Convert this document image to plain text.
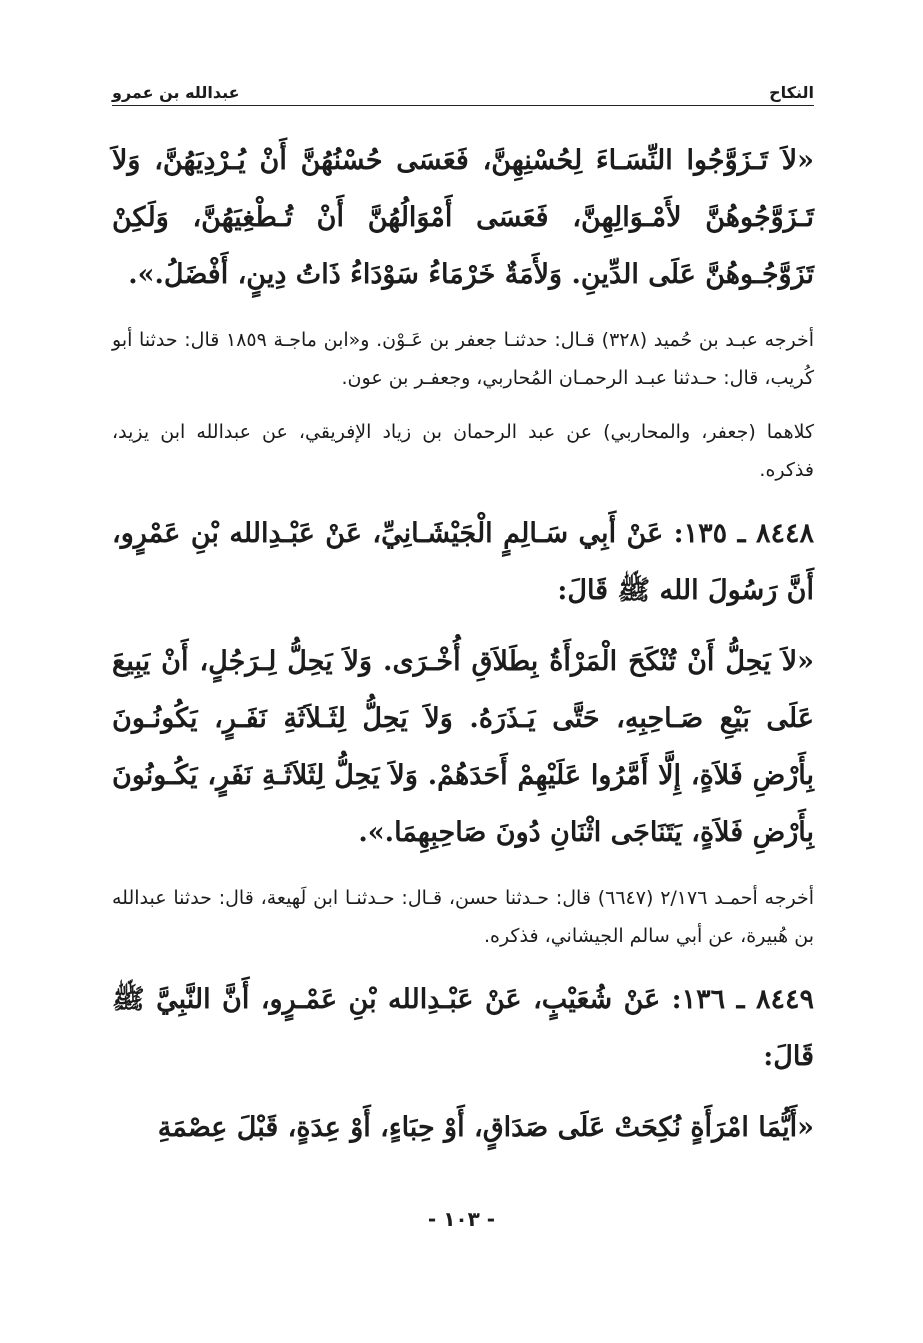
النكاح
عبدالله بن عمرو

«لاَ تَـزَوَّجُوا النِّسَـاءَ لِحُسْنِهِنَّ، فَعَسَى حُسْنُهُنَّ أَنْ يُـرْدِيَهُنَّ، وَلاَ تَـزَوَّجُوهُنَّ لأَمْـوَالِهِنَّ، فَعَسَى أَمْوَالُهُنَّ أَنْ تُـطْغِيَهُنَّ، وَلَكِنْ تَزَوَّجُـوهُنَّ عَلَى الدِّينِ. وَلأَمَةٌ خَرْمَاءُ سَوْدَاءُ ذَاتُ دِينٍ، أَفْضَلُ.».

أخرجه عبـد بن حُميد (٣٢٨) قـال: حدثنـا جعفر بن عَـوْن. و«ابن ماجـة ١٨٥٩ قال: حدثنا أبو كُريب، قال: حـدثنا عبـد الرحمـان المُحاربي، وجعفـر بن عون.

كلاهما (جعفر، والمحاربي) عن عبد الرحمان بن زياد الإفريقي، عن عبدالله ابن يزيد، فذكره.

٨٤٤٨ ـ ١٣٥: عَنْ أَبِي سَـالِمٍ الْجَيْشَـانِيِّ، عَنْ عَبْـدِالله بْنِ عَمْرٍو، أَنَّ رَسُولَ الله ﷺ قَالَ:

«لاَ يَحِلُّ أَنْ تُنْكَحَ الْمَرْأَةُ بِطَلاَقِ أُخْـرَى. وَلاَ يَحِلُّ لِـرَجُلٍ، أَنْ يَبِيعَ عَلَى بَيْعِ صَـاحِبِهِ، حَتَّى يَـذَرَهُ. وَلاَ يَحِلُّ لِثَـلاَثَةِ نَفَـرٍ، يَكُونُـونَ بِأَرْضِ فَلاَةٍ، إِلَّا أَمَّرُوا عَلَيْهِمْ أَحَدَهُمْ. وَلاَ يَحِلُّ لِثَلاَثَـةِ نَفَرٍ، يَكُـونُونَ بِأَرْضِ فَلاَةٍ، يَتَنَاجَى اثْنَانِ دُونَ صَاحِبِهِمَا.».

أخرجه أحمـد ٢/١٧٦ (٦٦٤٧) قال: حـدثنا حسن، قـال: حـدثنـا ابن لَهيعة، قال: حدثنا عبدالله بن هُبيرة، عن أبي سالم الجيشاني، فذكره.

٨٤٤٩ ـ ١٣٦: عَنْ شُعَيْبٍ، عَنْ عَبْـدِالله بْنِ عَمْـرٍو، أَنَّ النَّبِيَّ ﷺ قَالَ:

«أَيُّمَا امْرَأَةٍ نُكِحَتْ عَلَى صَدَاقٍ، أَوْ حِبَاءٍ، أَوْ عِدَةٍ، قَبْلَ عِصْمَةِ

- ١٠٣ -
